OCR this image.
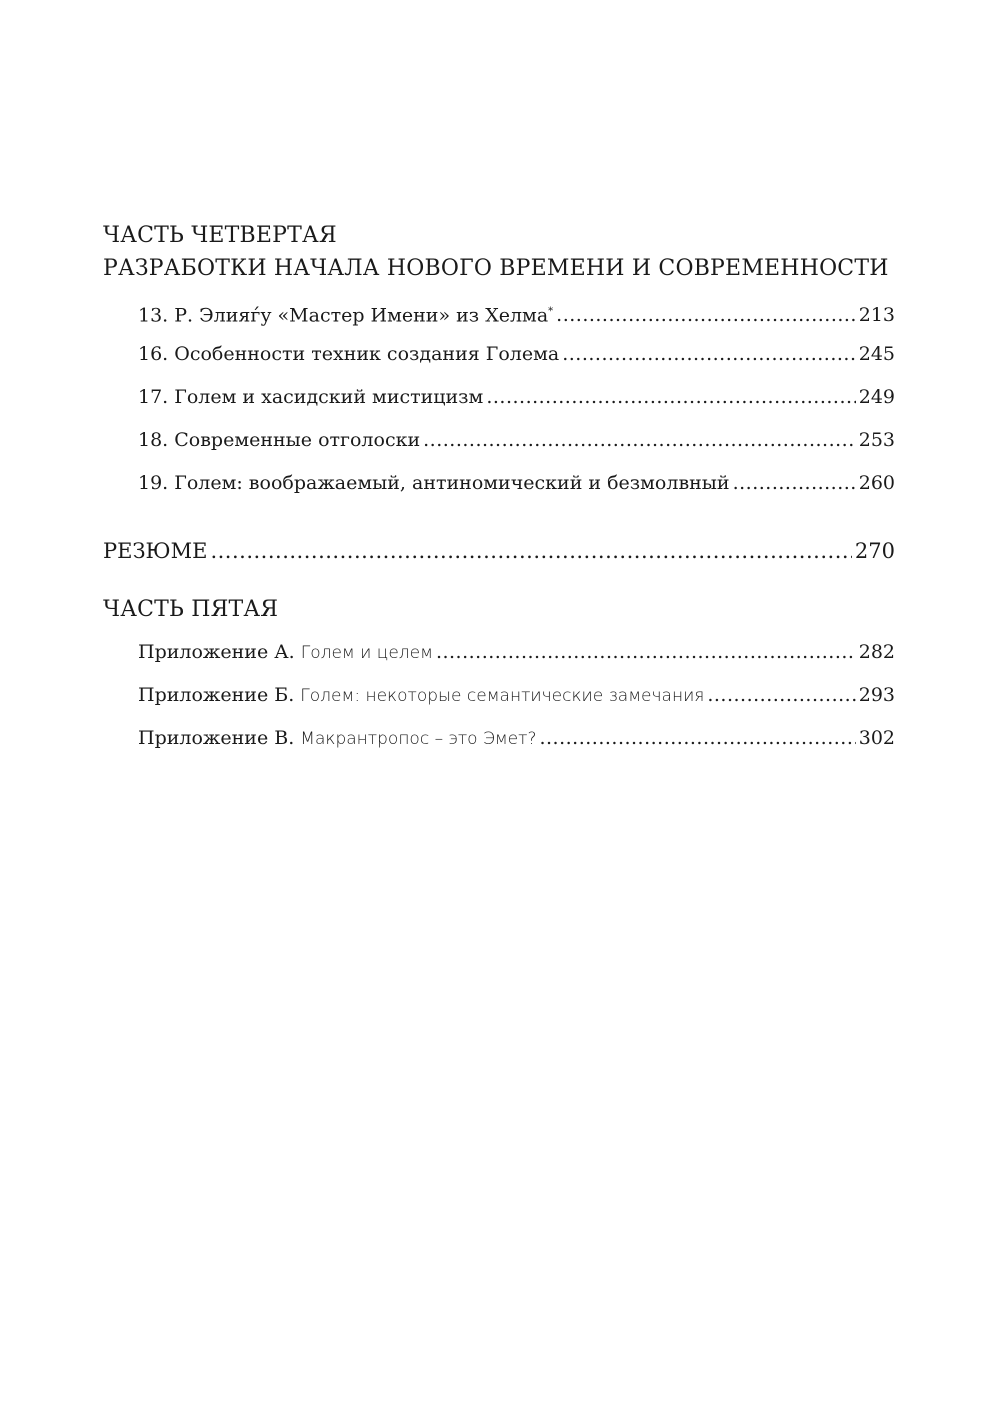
ЧАСТЬ ЧЕТВЕРТАЯ
РАЗРАБОТКИ НАЧАЛА НОВОГО ВРЕМЕНИ И СОВРЕМЕННОСТИ
13. Р. Элияѓу «Мастер Имени» из Хелма* .....	213
16. Особенности техник создания Голема .....	245
17. Голем и хасидский мистицизм .....	249
18. Современные отголоски .....	253
19. Голем: воображаемый, антиномический и безмолвный .....	260
РЕЗЮМЕ .....	270
ЧАСТЬ ПЯТАЯ
Приложение А. Голем и целем .....	282
Приложение Б. Голем: некоторые семантические замечания .....	293
Приложение В. Макрантропос – это Эмет? .....	302
